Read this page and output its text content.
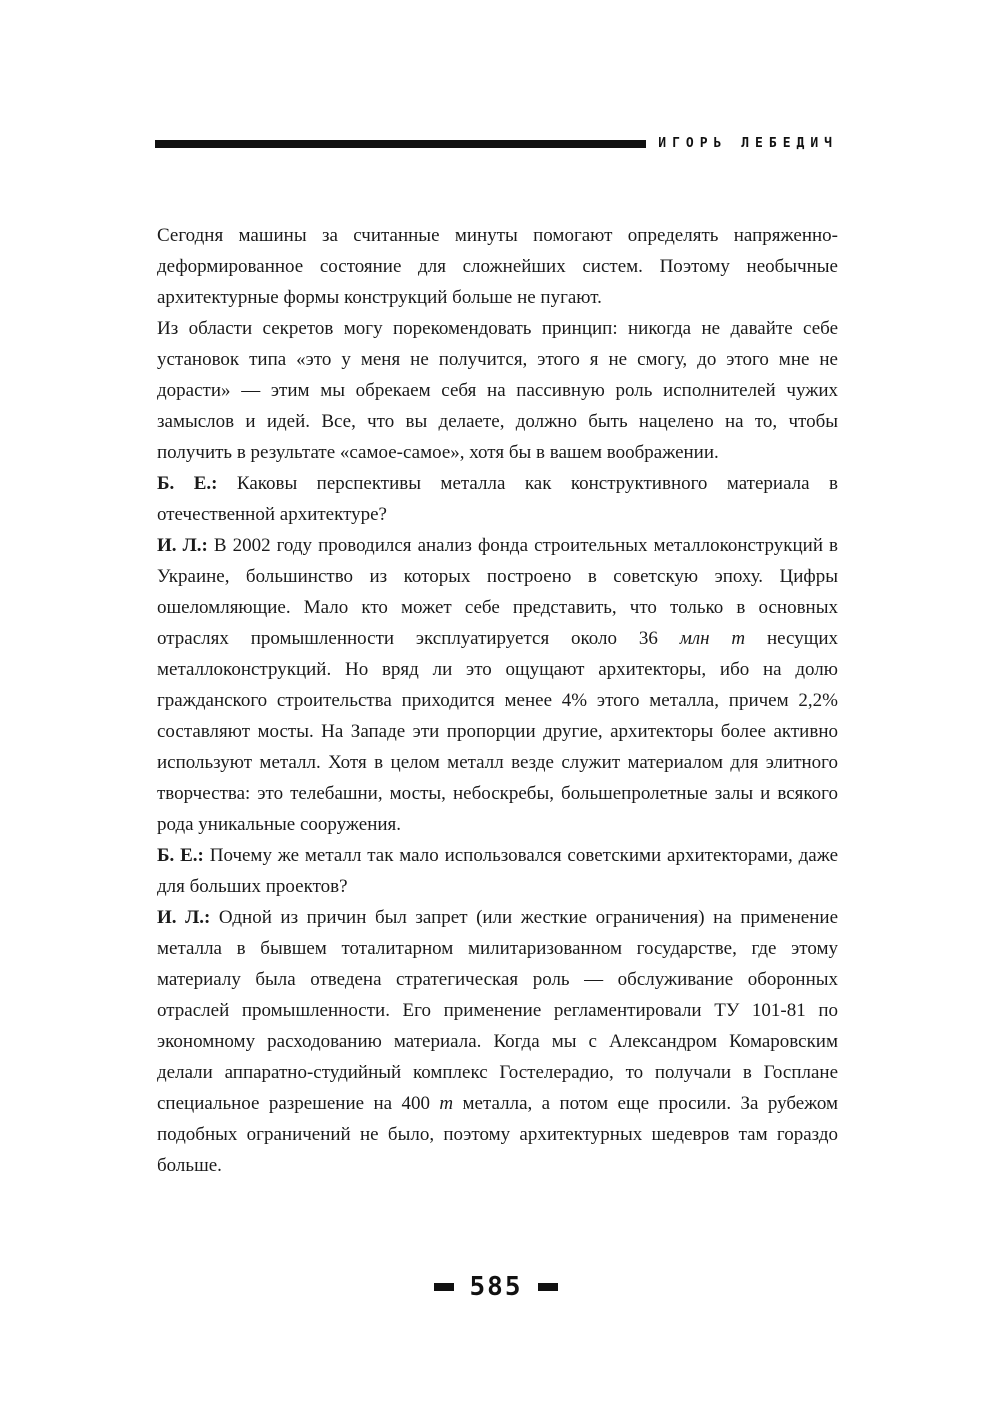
ИГОРЬ ЛЕБЕДИЧ

Сегодня машины за считанные минуты помогают определять напряженно-деформированное состояние для сложнейших систем. Поэтому необычные архитектурные формы конструкций больше не пугают.

Из области секретов могу порекомендовать принцип: никогда не давайте себе установок типа «это у меня не получится, этого я не смогу, до этого мне не дорасти» — этим мы обрекаем себя на пассивную роль исполнителей чужих замыслов и идей. Все, что вы делаете, должно быть нацелено на то, чтобы получить в результате «самое-самое», хотя бы в вашем воображении.

Б. Е.: Каковы перспективы металла как конструктивного материала в отечественной архитектуре?

И. Л.: В 2002 году проводился анализ фонда строительных металлоконструкций в Украине, большинство из которых построено в советскую эпоху. Цифры ошеломляющие. Мало кто может себе представить, что только в основных отраслях промышленности эксплуатируется около 36 млн т несущих металлоконструкций. Но вряд ли это ощущают архитекторы, ибо на долю гражданского строительства приходится менее 4% этого металла, причем 2,2% составляют мосты. На Западе эти пропорции другие, архитекторы более активно используют металл. Хотя в целом металл везде служит материалом для элитного творчества: это телебашни, мосты, небоскребы, большепролетные залы и всякого рода уникальные сооружения.

Б. Е.: Почему же металл так мало использовался советскими архитекторами, даже для больших проектов?

И. Л.: Одной из причин был запрет (или жесткие ограничения) на применение металла в бывшем тоталитарном милитаризованном государстве, где этому материалу была отведена стратегическая роль — обслуживание оборонных отраслей промышленности. Его применение регламентировали ТУ 101-81 по экономному расходованию материала. Когда мы с Александром Комаровским делали аппаратно-студийный комплекс Гостелерадио, то получали в Госплане специальное разрешение на 400 т металла, а потом еще просили. За рубежом подобных ограничений не было, поэтому архитектурных шедевров там гораздо больше.

585
